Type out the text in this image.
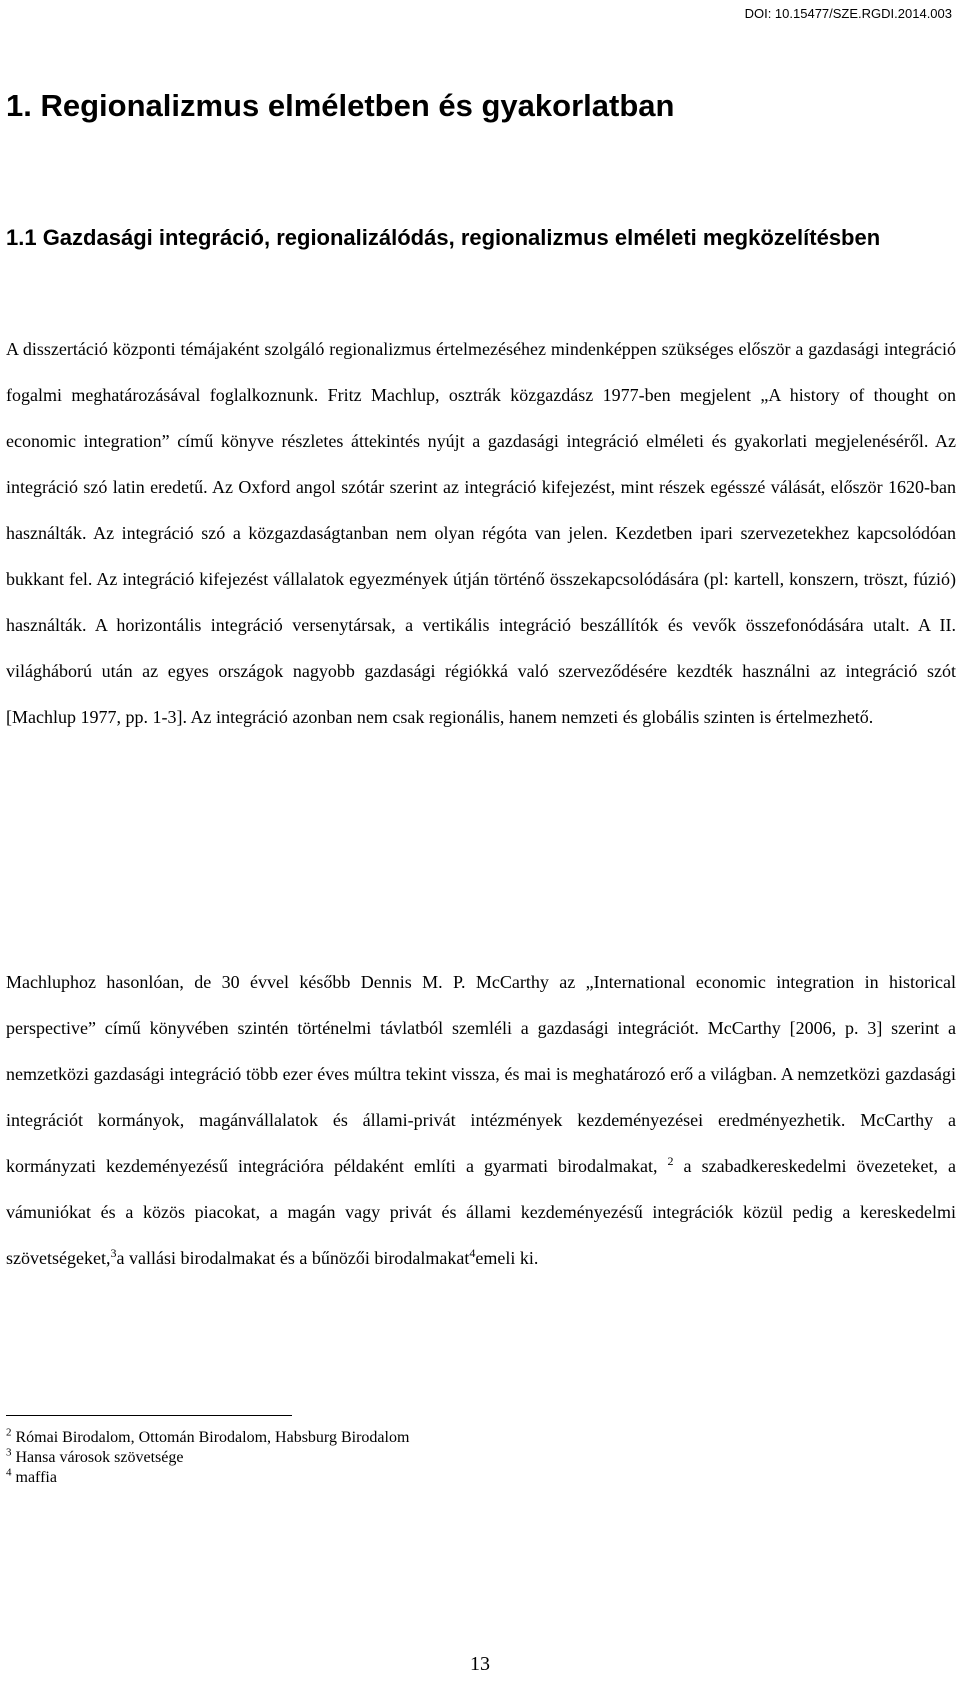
DOI: 10.15477/SZE.RGDI.2014.003
1. Regionalizmus elméletben és gyakorlatban
1.1 Gazdasági integráció, regionalizálódás, regionalizmus elméleti megközelítésben

A disszertáció központi témájaként szolgáló regionalizmus értelmezéséhez mindenképpen szükséges először a gazdasági integráció fogalmi meghatározásával foglalkoznunk. Fritz Machlup, osztrák közgazdász 1977-ben megjelent „A history of thought on economic integration” című könyve részletes áttekintés nyújt a gazdasági integráció elméleti és gyakorlati megjelenéséről. Az integráció szó latin eredetű. Az Oxford angol szótár szerint az integráció kifejezést, mint részek egésszé válását, először 1620-ban használták. Az integráció szó a közgazdaságtanban nem olyan régóta van jelen. Kezdetben ipari szervezetekhez kapcsolódóan bukkant fel. Az integráció kifejezést vállalatok egyezmények útján történő összekapcsolódására (pl: kartell, konszern, tröszt, fúzió) használták. A horizontális integráció versenytársak, a vertikális integráció beszállítók és vevők összefonódására utalt. A II. világháború után az egyes országok nagyobb gazdasági régiókká való szerveződésére kezdték használni az integráció szót [Machlup 1977, pp. 1-3]. Az integráció azonban nem csak regionális, hanem nemzeti és globális szinten is értelmezhető.

Machluphoz hasonlóan, de 30 évvel később Dennis M. P. McCarthy az „International economic integration in historical perspective” című könyvében szintén történelmi távlatból szemléli a gazdasági integrációt. McCarthy [2006, p. 3] szerint a nemzetközi gazdasági integráció több ezer éves múltra tekint vissza, és mai is meghatározó erő a világban. A nemzetközi gazdasági integrációt kormányok, magánvállalatok és állami-privát intézmények kezdeményezései eredményezhetik. McCarthy a kormányzati kezdeményezésű integrációra példaként említi a gyarmati birodalmakat, $^2$ a szabadkereskedelmi övezeteket, a vámuniókat és a közös piacokat, a magán vagy privát és állami kezdeményezésű integrációk közül pedig a kereskedelmi szövetségeket,$^3$a vallási birodalmakat és a bűnözői birodalmakat$^4$emeli ki.

$^2$ Római Birodalom, Ottomán Birodalom, Habsburg Birodalom
$^3$ Hansa városok szövetsége
$^4$ maffia
13
